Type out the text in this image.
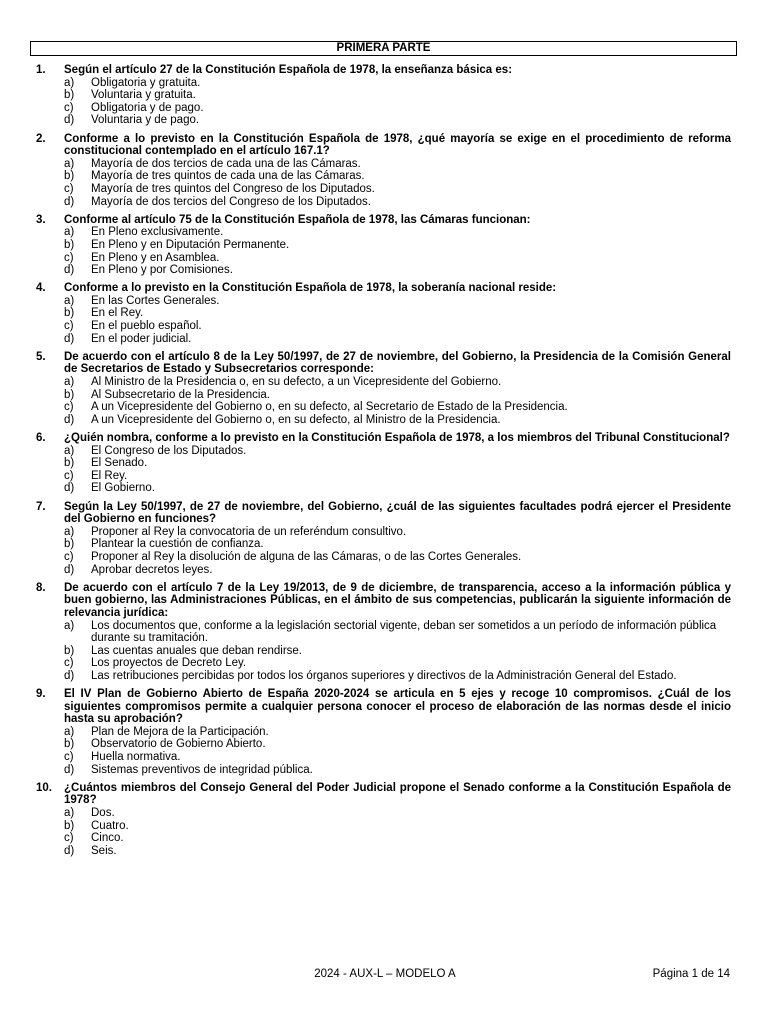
PRIMERA PARTE
1. Según el artículo 27 de la Constitución Española de 1978, la enseñanza básica es:
a) Obligatoria y gratuita.
b) Voluntaria y gratuita.
c) Obligatoria y de pago.
d) Voluntaria y de pago.
2. Conforme a lo previsto en la Constitución Española de 1978, ¿qué mayoría se exige en el procedimiento de reforma constitucional contemplado en el artículo 167.1?
a) Mayoría de dos tercios de cada una de las Cámaras.
b) Mayoría de tres quintos de cada una de las Cámaras.
c) Mayoría de tres quintos del Congreso de los Diputados.
d) Mayoría de dos tercios del Congreso de los Diputados.
3. Conforme al artículo 75 de la Constitución Española de 1978, las Cámaras funcionan:
a) En Pleno exclusivamente.
b) En Pleno y en Diputación Permanente.
c) En Pleno y en Asamblea.
d) En Pleno y por Comisiones.
4. Conforme a lo previsto en la Constitución Española de 1978, la soberanía nacional reside:
a) En las Cortes Generales.
b) En el Rey.
c) En el pueblo español.
d) En el poder judicial.
5. De acuerdo con el artículo 8 de la Ley 50/1997, de 27 de noviembre, del Gobierno, la Presidencia de la Comisión General de Secretarios de Estado y Subsecretarios corresponde:
a) Al Ministro de la Presidencia o, en su defecto, a un Vicepresidente del Gobierno.
b) Al Subsecretario de la Presidencia.
c) A un Vicepresidente del Gobierno o, en su defecto, al Secretario de Estado de la Presidencia.
d) A un Vicepresidente del Gobierno o, en su defecto, al Ministro de la Presidencia.
6. ¿Quién nombra, conforme a lo previsto en la Constitución Española de 1978, a los miembros del Tribunal Constitucional?
a) El Congreso de los Diputados.
b) El Senado.
c) El Rey.
d) El Gobierno.
7. Según la Ley 50/1997, de 27 de noviembre, del Gobierno, ¿cuál de las siguientes facultades podrá ejercer el Presidente del Gobierno en funciones?
a) Proponer al Rey la convocatoria de un referéndum consultivo.
b) Plantear la cuestión de confianza.
c) Proponer al Rey la disolución de alguna de las Cámaras, o de las Cortes Generales.
d) Aprobar decretos leyes.
8. De acuerdo con el artículo 7 de la Ley 19/2013, de 9 de diciembre, de transparencia, acceso a la información pública y buen gobierno, las Administraciones Públicas, en el ámbito de sus competencias, publicarán la siguiente información de relevancia jurídica:
a) Los documentos que, conforme a la legislación sectorial vigente, deban ser sometidos a un período de información pública durante su tramitación.
b) Las cuentas anuales que deban rendirse.
c) Los proyectos de Decreto Ley.
d) Las retribuciones percibidas por todos los órganos superiores y directivos de la Administración General del Estado.
9. El IV Plan de Gobierno Abierto de España 2020-2024 se articula en 5 ejes y recoge 10 compromisos. ¿Cuál de los siguientes compromisos permite a cualquier persona conocer el proceso de elaboración de las normas desde el inicio hasta su aprobación?
a) Plan de Mejora de la Participación.
b) Observatorio de Gobierno Abierto.
c) Huella normativa.
d) Sistemas preventivos de integridad pública.
10. ¿Cuántos miembros del Consejo General del Poder Judicial propone el Senado conforme a la Constitución Española de 1978?
a) Dos.
b) Cuatro.
c) Cinco.
d) Seis.
2024 - AUX-L – MODELO A	Página 1 de 14
